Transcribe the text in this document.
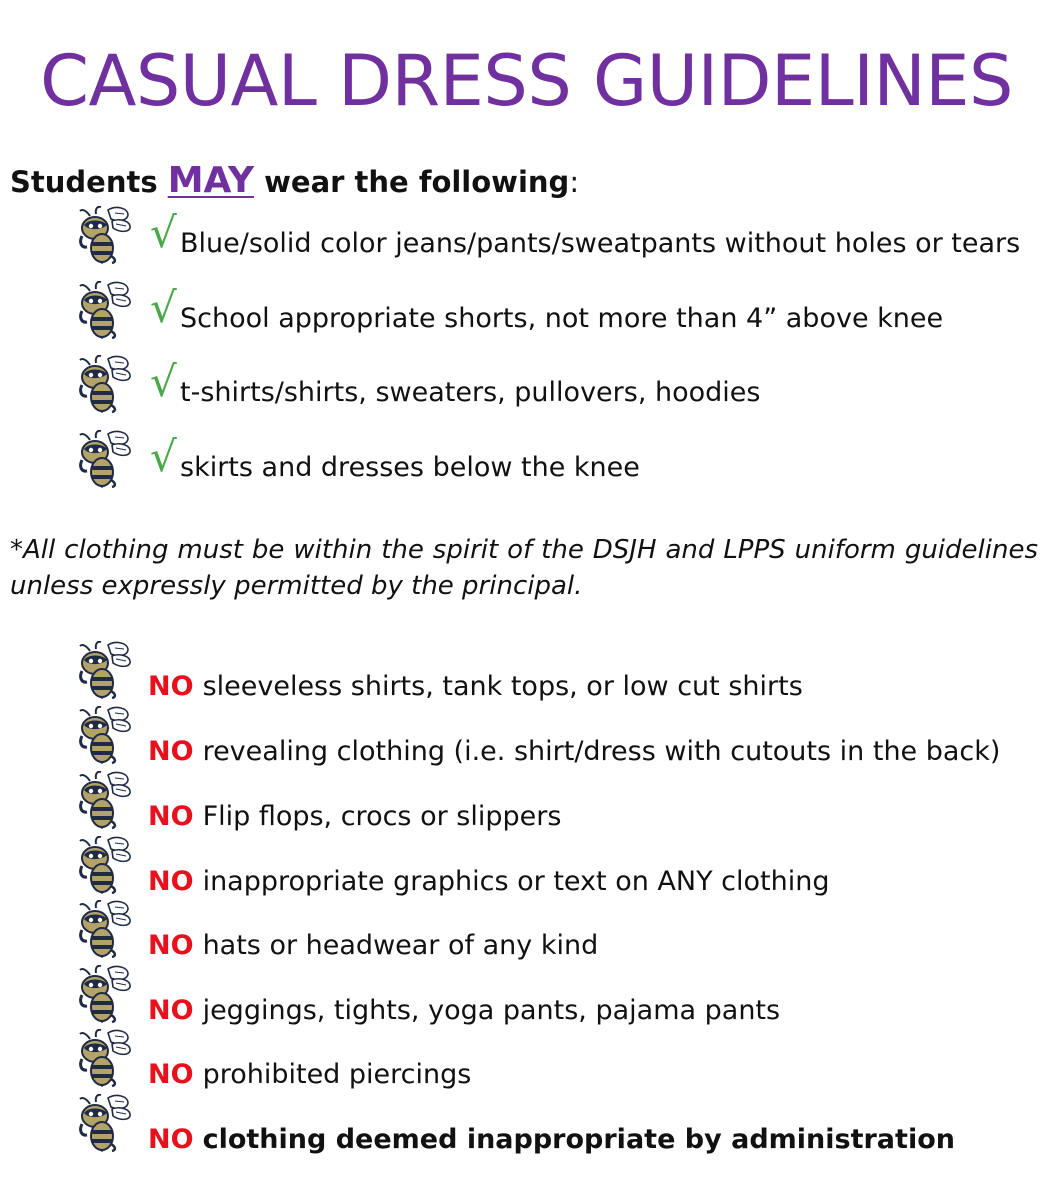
CASUAL DRESS GUIDELINES
Students MAY wear the following:
√ Blue/solid color jeans/pants/sweatpants without holes or tears
√ School appropriate shorts, not more than 4” above knee
√ t-shirts/shirts, sweaters, pullovers, hoodies
√ skirts and dresses below the knee
*All clothing must be within the spirit of the DSJH and LPPS uniform guidelines unless expressly permitted by the principal.
NO sleeveless shirts, tank tops, or low cut shirts
NO revealing clothing (i.e. shirt/dress with cutouts in the back)
NO Flip flops, crocs or slippers
NO inappropriate graphics or text on ANY clothing
NO hats or headwear of any kind
NO jeggings, tights, yoga pants, pajama pants
NO prohibited piercings
NO clothing deemed inappropriate by administration
